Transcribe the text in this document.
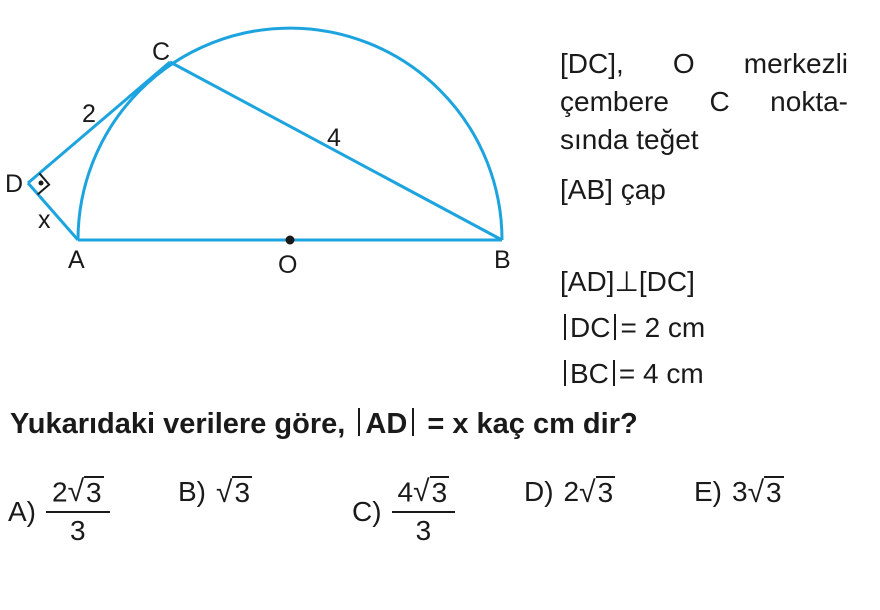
C
D
A	O	B
2
4
x
[DC], O merkezli
çembere C nokta-
sında teğet
[AB] çap
[AD]⊥[DC]
DC = 2 cm
BC = 4 cm
Yukarıdaki verilere göre, AD = x kaç cm dir?
$A) \frac{2 √ 3}{3} B$) √ 3
$C) \frac{4 √ 3}{3} D$) 2 √ 3	E) 3 √ 3
